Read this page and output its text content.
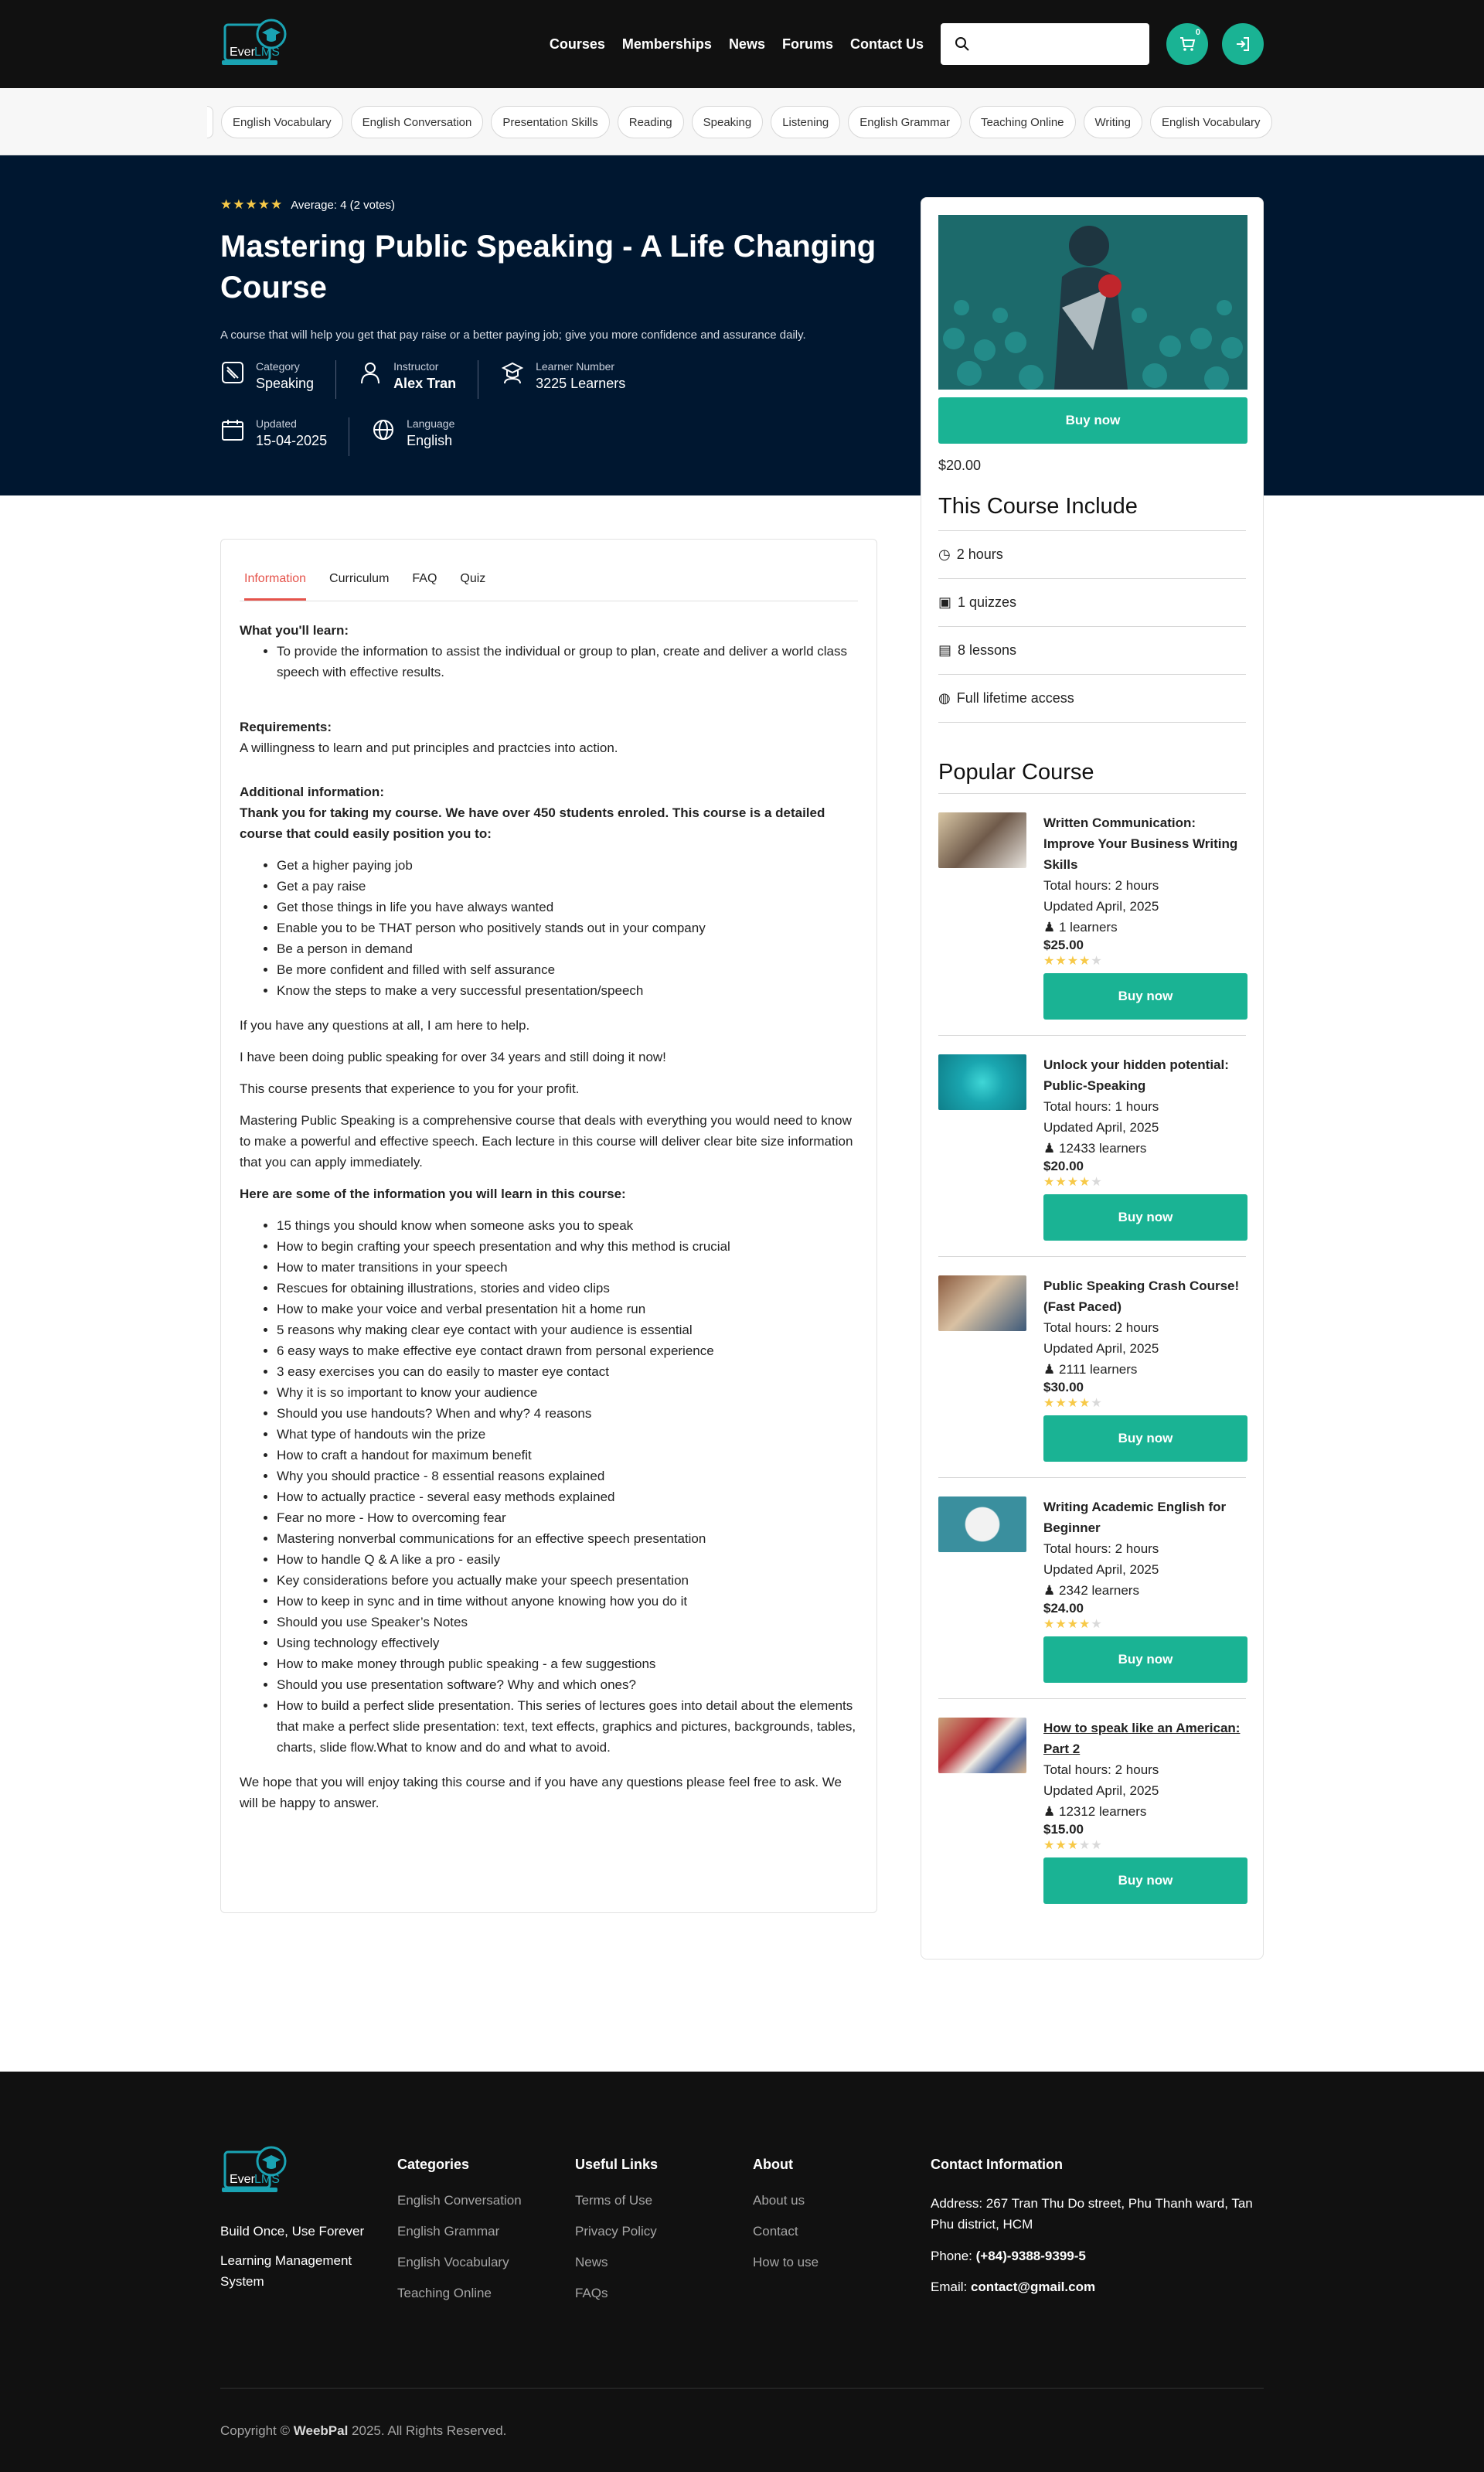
Ever LMS
Courses Memberships News Forums Contact Us
0
English Vocabulary	English Conversation	Presentation Skills	Reading	Speaking	Listening	English Grammar	Teaching Online	Writing	English Vocabulary
★★★★★ Average: 4 (2 votes)
Mastering Public Speaking - A Life Changing Course
A course that will help you get that pay raise or a better paying job; give you more confidence and assurance daily.
Category
Speaking
Instructor
Alex Tran
Learner Number
3225 Learners
Updated
15-04-2025
Language
English
Information Curriculum FAQ Quiz
What you'll learn:
• To provide the information to assist the individual or group to plan, create and deliver a world class speech with effective results.
Requirements:
A willingness to learn and put principles and practcies into action.
Additional information:
Thank you for taking my course. We have over 450 students enroled. This course is a detailed course that could easily position you to:
• Get a higher paying job
• Get a pay raise
• Get those things in life you have always wanted
• Enable you to be THAT person who positively stands out in your company
• Be a person in demand
• Be more confident and filled with self assurance
• Know the steps to make a very successful presentation/speech

If you have any questions at all, I am here to help.

I have been doing public speaking for over 34 years and still doing it now!

This course presents that experience to you for your profit.

Mastering Public Speaking is a comprehensive course that deals with everything you would need to know to make a powerful and effective speech. Each lecture in this course will deliver clear bite size information that you can apply immediately.

Here are some of the information you will learn in this course:
• 15 things you should know when someone asks you to speak
• How to begin crafting your speech presentation and why this method is crucial
• How to mater transitions in your speech
• Rescues for obtaining illustrations, stories and video clips
• How to make your voice and verbal presentation hit a home run
• 5 reasons why making clear eye contact with your audience is essential
• 6 easy ways to make effective eye contact drawn from personal experience
• 3 easy exercises you can do easily to master eye contact
• Why it is so important to know your audience
• Should you use handouts? When and why? 4 reasons
• What type of handouts win the prize
• How to craft a handout for maximum benefit
• Why you should practice - 8 essential reasons explained
• How to actually practice - several easy methods explained
• Fear no more - How to overcoming fear
• Mastering nonverbal communications for an effective speech presentation
• How to handle Q & A like a pro - easily
• Key considerations before you actually make your speech presentation
• How to keep in sync and in time without anyone knowing how you do it
• Should you use Speaker’s Notes
• Using technology effectively
• How to make money through public speaking - a few suggestions
• Should you use presentation software? Why and which ones?
• How to build a perfect slide presentation. This series of lectures goes into detail about the elements that make a perfect slide presentation: text, text effects, graphics and pictures, backgrounds, tables, charts, slide flow.What to know and do and what to avoid.

We hope that you will enjoy taking this course and if you have any questions please feel free to ask. We will be happy to answer.

Buy now
$20.00
This Course Include
◷ 2 hours
▣ 1 quizzes
▤ 8 lessons
◍ Full lifetime access
Popular Course
Written Communication: Improve Your Business Writing Skills
Total hours: 2 hours
Updated April, 2025
♟ 1 learners
$25.00
★★★★★
Buy now
Unlock your hidden potential: Public-Speaking
Total hours: 1 hours
Updated April, 2025
♟ 12433 learners
$20.00
★★★★★
Buy now
Public Speaking Crash Course! (Fast Paced)
Total hours: 2 hours
Updated April, 2025
♟ 2111 learners
$30.00
★★★★★
Buy now
Writing Academic English for Beginner
Total hours: 2 hours
Updated April, 2025
♟ 2342 learners
$24.00
★★★★★
Buy now
How to speak like an American: Part 2
Total hours: 2 hours
Updated April, 2025
♟ 12312 learners
$15.00
★★★★★
Buy now
Ever LMS
Build Once, Use Forever
Learning Management System
Categories
English Conversation
English Grammar
English Vocabulary
Teaching Online
Useful Links
Terms of Use
Privacy Policy
News
FAQs
About
About us
Contact
How to use
Contact Information
Address: 267 Tran Thu Do street, Phu Thanh ward, Tan Phu district, HCM
Phone: (+84)-9388-9399-5
Email: contact@gmail.com
Copyright © WeebPal 2025. All Rights Reserved.
